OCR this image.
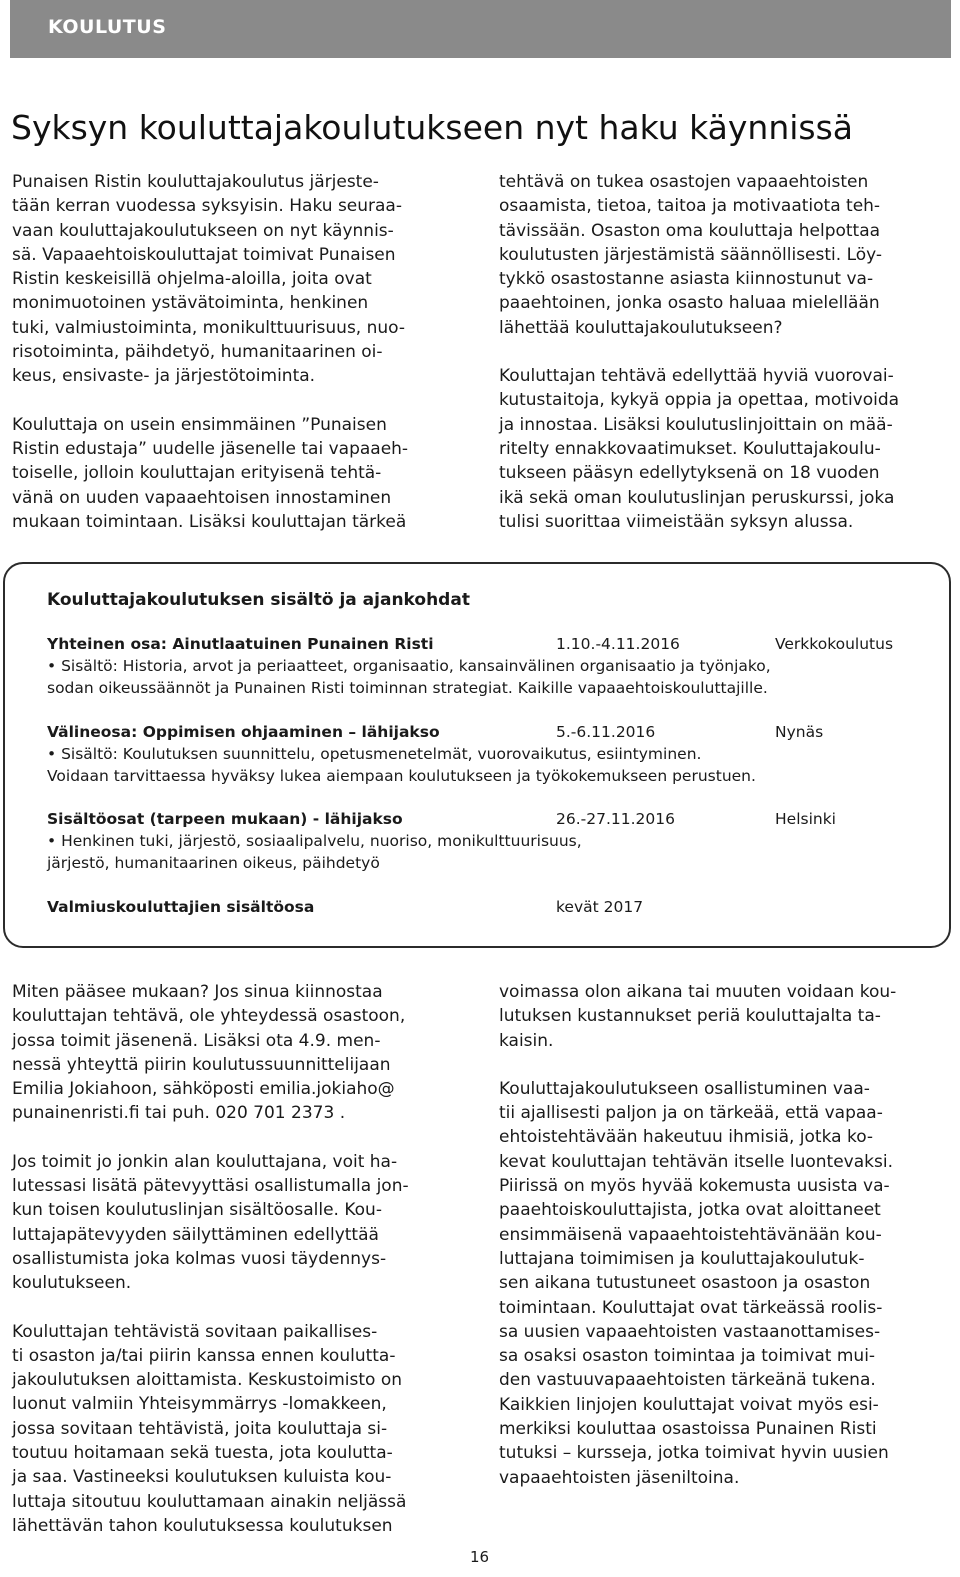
KOULUTUS
Syksyn kouluttajakoulutukseen nyt haku käynnissä

Punaisen Ristin kouluttajakoulutus järjeste-
tään kerran vuodessa syksyisin. Haku seuraa-
vaan kouluttajakoulutukseen on nyt käynnis-
sä. Vapaaehtoiskouluttajat toimivat Punaisen
Ristin keskeisillä ohjelma-aloilla, joita ovat
monimuotoinen ystävätoiminta, henkinen
tuki, valmiustoiminta, monikulttuurisuus, nuo-
risotoiminta, päihdetyö, humanitaarinen oi-
keus, ensivaste- ja järjestötoiminta.

Kouluttaja on usein ensimmäinen ”Punaisen
Ristin edustaja” uudelle jäsenelle tai vapaaeh-
toiselle, jolloin kouluttajan erityisenä tehtä-
vänä on uuden vapaaehtoisen innostaminen
mukaan toimintaan. Lisäksi kouluttajan tärkeä

tehtävä on tukea osastojen vapaaehtoisten
osaamista, tietoa, taitoa ja motivaatiota teh-
tävissään. Osaston oma kouluttaja helpottaa
koulutusten järjestämistä säännöllisesti. Löy-
tykkö osastostanne asiasta kiinnostunut va-
paaehtoinen, jonka osasto haluaa mielellään
lähettää kouluttajakoulutukseen?

Kouluttajan tehtävä edellyttää hyviä vuorovai-
kutustaitoja, kykyä oppia ja opettaa, motivoida
ja innostaa. Lisäksi koulutuslinjoittain on mää-
ritelty ennakkovaatimukset. Kouluttajakoulu-
tukseen pääsyn edellytyksenä on 18 vuoden
ikä sekä oman koulutuslinjan peruskurssi, joka
tulisi suorittaa viimeistään syksyn alussa.

Kouluttajakoulutuksen sisältö ja ajankohdat

Yhteinen osa: Ainutlaatuinen Punainen Risti	1.10.-4.11.2016	Verkkokoulutus

• Sisältö: Historia, arvot ja periaatteet, organisaatio, kansainvälinen organisaatio ja työnjako,

sodan oikeussäännöt ja Punainen Risti toiminnan strategiat. Kaikille vapaaehtoiskouluttajille.

Välineosa: Oppimisen ohjaaminen – lähijakso	5.-6.11.2016	Nynäs

• Sisältö: Koulutuksen suunnittelu, opetusmenetelmät, vuorovaikutus, esiintyminen.

Voidaan tarvittaessa hyväksy lukea aiempaan koulutukseen ja työkokemukseen perustuen.

Sisältöosat (tarpeen mukaan) - lähijakso	26.-27.11.2016	Helsinki

• Henkinen tuki, järjestö, sosiaalipalvelu, nuoriso, monikulttuurisuus,

järjestö, humanitaarinen oikeus, päihdetyö

Valmiuskouluttajien sisältöosa	kevät 2017

Miten pääsee mukaan? Jos sinua kiinnostaa
kouluttajan tehtävä, ole yhteydessä osastoon,
jossa toimit jäsenenä. Lisäksi ota 4.9. men-
nessä yhteyttä piirin koulutussuunnittelijaan
Emilia Jokiahoon, sähköposti emilia.jokiaho@
punainenristi.fi tai puh. 020 701 2373 .

Jos toimit jo jonkin alan kouluttajana, voit ha-
lutessasi lisätä pätevyyttäsi osallistumalla jon-
kun toisen koulutuslinjan sisältöosalle. Kou-
luttajapätevyyden säilyttäminen edellyttää
osallistumista joka kolmas vuosi täydennys-
koulutukseen.

Kouluttajan tehtävistä sovitaan paikallises-
ti osaston ja/tai piirin kanssa ennen koulutta-
jakoulutuksen aloittamista. Keskustoimisto on
luonut valmiin Yhteisymmärrys -lomakkeen,
jossa sovitaan tehtävistä, joita kouluttaja si-
toutuu hoitamaan sekä tuesta, jota koulutta-
ja saa. Vastineeksi koulutuksen kuluista kou-
luttaja sitoutuu kouluttamaan ainakin neljässä
lähettävän tahon koulutuksessa koulutuksen

voimassa olon aikana tai muuten voidaan kou-
lutuksen kustannukset periä kouluttajalta ta-
kaisin.

Kouluttajakoulutukseen osallistuminen vaa-
tii ajallisesti paljon ja on tärkeää, että vapaa-
ehtoistehtävään hakeutuu ihmisiä, jotka ko-
kevat kouluttajan tehtävän itselle luontevaksi.
Piirissä on myös hyvää kokemusta uusista va-
paaehtoiskouluttajista, jotka ovat aloittaneet
ensimmäisenä vapaaehtoistehtävänään kou-
luttajana toimimisen ja kouluttajakoulutuk-
sen aikana tutustuneet osastoon ja osaston
toimintaan. Kouluttajat ovat tärkeässä roolis-
sa uusien vapaaehtoisten vastaanottamises-
sa osaksi osaston toimintaa ja toimivat mui-
den vastuuvapaaehtoisten tärkeänä tukena.
Kaikkien linjojen kouluttajat voivat myös esi-
merkiksi kouluttaa osastoissa Punainen Risti
tutuksi – kursseja, jotka toimivat hyvin uusien
vapaaehtoisten jäseniltoina.

16
